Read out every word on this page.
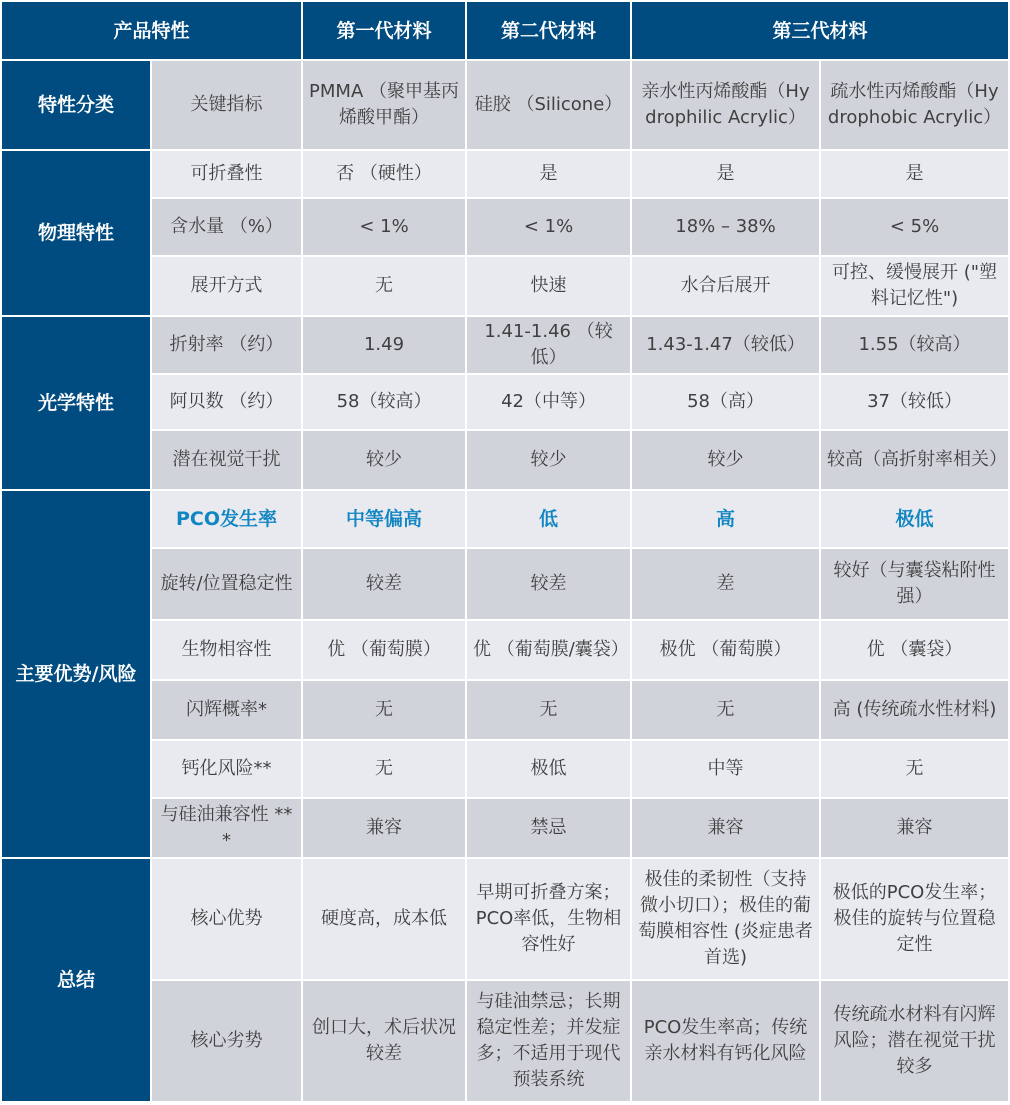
产品特性		第一代材料	第二代材料	第三代材料	
特性分类	关键指标	PMMA （聚甲基丙烯酸甲酯）	硅胶 （Silicone）	亲水性丙烯酸酯（Hydrophilic Acrylic）	疏水性丙烯酸酯（Hydrophobic Acrylic）
物理特性	可折叠性	否 （硬性）	是	是	是
	含水量 （%）	< 1%	< 1%	18% – 38%	< 5%
	展开方式	无	快速	水合后展开	可控、缓慢展开 ("塑料记忆性")
光学特性	折射率 （约）	1.49	1.41-1.46 （较低）	1.43-1.47（较低）	1.55（较高）
	阿贝数 （约）	58（较高）	42（中等）	58（高）	37（较低）
	潜在视觉干扰	较少	较少	较少	较高（高折射率相关）
主要优势/风险	PCO发生率	中等偏高	低	高	极低
	旋转/位置稳定性	较差	较差	差	较好（与囊袋粘附性强）
	生物相容性	优 （葡萄膜）	优 （葡萄膜/囊袋）	极优 （葡萄膜）	优 （囊袋）
	闪辉概率*	无	无	无	高 (传统疏水性材料)
	钙化风险**	无	极低	中等	无
	与硅油兼容性 ***	兼容	禁忌	兼容	兼容
总结	核心优势	硬度高，成本低	早期可折叠方案；PCO率低，生物相容性好	极佳的柔韧性（支持微小切口）；极佳的葡萄膜相容性 (炎症患者首选)	极低的PCO发生率；极佳的旋转与位置稳定性
	核心劣势	创口大，术后状况较差	与硅油禁忌；长期稳定性差；并发症多；不适用于现代预装系统	PCO发生率高；传统亲水材料有钙化风险	传统疏水材料有闪辉风险；潜在视觉干扰较多
